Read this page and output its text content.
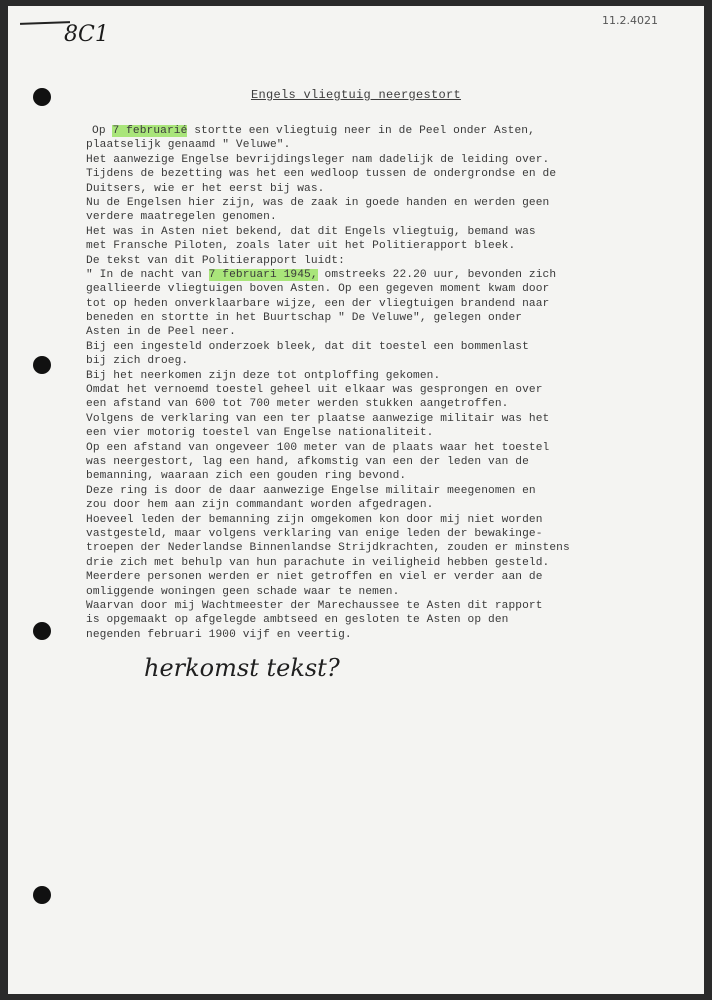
8C1
11.2.4021
Engels vliegtuig neergestort
Op 7 februarié stortte een vliegtuig neer in de Peel onder Asten,
plaatselijk genaamd " Veluwe".
Het aanwezige Engelse bevrijdingsleger nam dadelijk de leiding over.
Tijdens de bezetting was het een wedloop tussen de ondergrondse en de
Duitsers, wie er het eerst bij was.
Nu de Engelsen hier zijn, was de zaak in goede handen en werden geen
verdere maatregelen genomen.
Het was in Asten niet bekend, dat dit Engels vliegtuig, bemand was
met Fransche Piloten, zoals later uit het Politierapport bleek.
De tekst van dit Politierapport luidt:
" In de nacht van 7 februari 1945, omstreeks 22.20 uur, bevonden zich
geallieerde vliegtuigen boven Asten. Op een gegeven moment kwam door
tot op heden onverklaarbare wijze, een der vliegtuigen brandend naar
beneden en stortte in het Buurtschap " De Veluwe", gelegen onder
Asten in de Peel neer.
Bij een ingesteld onderzoek bleek, dat dit toestel een bommenlast
bij zich droeg.
Bij het neerkomen zijn deze tot ontploffing gekomen.
Omdat het vernoemd toestel geheel uit elkaar was gesprongen en over
een afstand van 600 tot 700 meter werden stukken aangetroffen.
Volgens de verklaring van een ter plaatse aanwezige militair was het
een vier motorig toestel van Engelse nationaliteit.
Op een afstand van ongeveer 100 meter van de plaats waar het toestel
was neergestort, lag een hand, afkomstig van een der leden van de
bemanning, waaraan zich een gouden ring bevond.
Deze ring is door de daar aanwezige Engelse militair meegenomen en
zou door hem aan zijn commandant worden afgedragen.
Hoeveel leden der bemanning zijn omgekomen kon door mij niet worden
vastgesteld, maar volgens verklaring van enige leden der bewakinge-
troepen der Nederlandse Binnenlandse Strijdkrachten, zouden er minstens
drie zich met behulp van hun parachute in veiligheid hebben gesteld.
Meerdere personen werden er niet getroffen en viel er verder aan de
omliggende woningen geen schade waar te nemen.
Waarvan door mij Wachtmeester der Marechaussee te Asten dit rapport
is opgemaakt op afgelegde ambtseed en gesloten te Asten op den
negenden februari 1900 vijf en veertig.
herkomst tekst?
